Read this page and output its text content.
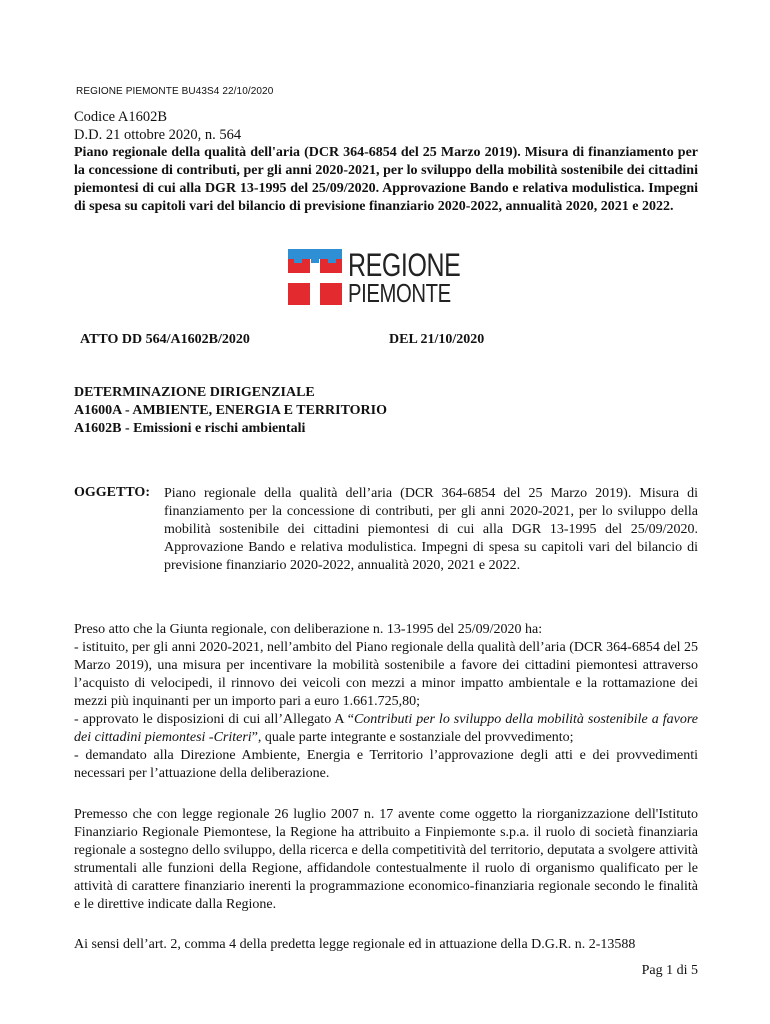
REGIONE PIEMONTE BU43S4 22/10/2020
Codice A1602B
D.D. 21 ottobre 2020, n. 564
Piano regionale della qualità dell'aria (DCR 364-6854 del 25 Marzo 2019). Misura di finanziamento per la concessione di contributi, per gli anni 2020-2021, per lo sviluppo della mobilità sostenibile dei cittadini piemontesi di cui alla DGR 13-1995 del 25/09/2020. Approvazione Bando e relativa modulistica. Impegni di spesa su capitoli vari del bilancio di previsione finanziario 2020-2022, annualità 2020, 2021 e 2022.
REGIONE
PIEMONTE
ATTO DD 564/A1602B/2020	DEL 21/10/2020
DETERMINAZIONE DIRIGENZIALE
A1600A - AMBIENTE, ENERGIA E TERRITORIO
A1602B - Emissioni e rischi ambientali
OGGETTO: Piano regionale della qualità dell’aria (DCR 364-6854 del 25 Marzo 2019). Misura di finanziamento per la concessione di contributi, per gli anni 2020-2021, per lo sviluppo della mobilità sostenibile dei cittadini piemontesi di cui alla DGR 13-1995 del 25/09/2020. Approvazione Bando e relativa modulistica. Impegni di spesa su capitoli vari del bilancio di previsione finanziario 2020-2022, annualità 2020, 2021 e 2022.
Preso atto che la Giunta regionale, con deliberazione n. 13-1995 del 25/09/2020 ha:
- istituito, per gli anni 2020-2021, nell’ambito del Piano regionale della qualità dell’aria (DCR 364-6854 del 25 Marzo 2019), una misura per incentivare la mobilità sostenibile a favore dei cittadini piemontesi attraverso l’acquisto di velocipedi, il rinnovo dei veicoli con mezzi a minor impatto ambientale e la rottamazione dei mezzi più inquinanti per un importo pari a euro 1.661.725,80;
- approvato le disposizioni di cui all’Allegato A “Contributi per lo sviluppo della mobilità sostenibile a favore dei cittadini piemontesi -Criteri”, quale parte integrante e sostanziale del provvedimento;
- demandato alla Direzione Ambiente, Energia e Territorio l’approvazione degli atti e dei provvedimenti necessari per l’attuazione della deliberazione.
Premesso che con legge regionale 26 luglio 2007 n. 17 avente come oggetto la riorganizzazione dell'Istituto Finanziario Regionale Piemontese, la Regione ha attribuito a Finpiemonte s.p.a. il ruolo di società finanziaria regionale a sostegno dello sviluppo, della ricerca e della competitività del territorio, deputata a svolgere attività strumentali alle funzioni della Regione, affidandole contestualmente il ruolo di organismo qualificato per le attività di carattere finanziario inerenti la programmazione economico-finanziaria regionale secondo le finalità e le direttive indicate dalla Regione.
Ai sensi dell’art. 2, comma 4 della predetta legge regionale ed in attuazione della D.G.R. n. 2-13588
Pag 1 di 5
